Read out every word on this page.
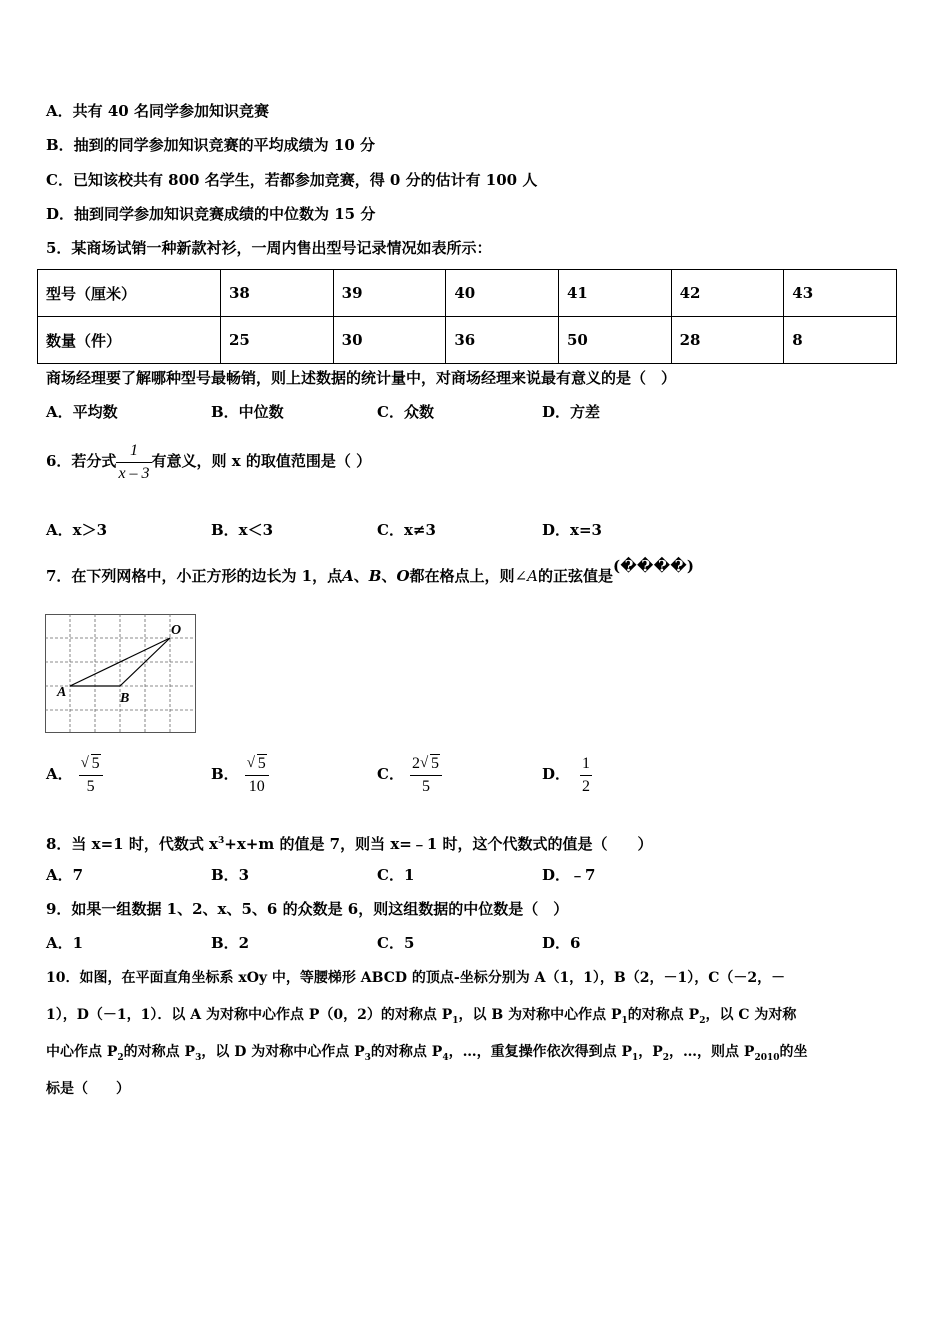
A．共有 40 名同学参加知识竞赛
B．抽到的同学参加知识竞赛的平均成绩为 10 分
C．已知该校共有 800 名学生，若都参加竞赛，得 0 分的估计有 100 人
D．抽到同学参加知识竞赛成绩的中位数为 15 分
5．某商场试销一种新款衬衫，一周内售出型号记录情况如表所示：
型号（厘米）	38	39	40	41	42	43
数量（件）	25	30	36	50	28	8
商场经理要了解哪种型号最畅销，则上述数据的统计量中，对商场经理来说最有意义的是（　）
A．平均数	B．中位数	C．众数	D．方差
6．若分式 $\frac{1}{x - 3}$ 有意义，则 x 的取值范围是（ ）
A．x＞3	B．x＜3	C．x≠3	D．x=3
7．在下列网格中，小正方形的边长为 1，点A、B、O都在格点上，则∠A的正弦值是(����)
O
A	B
A． $\frac{√ 5}{5}$	B． $\frac{√ 5}{10}$	C． $\frac{2 √ 5}{5}$	D． $\frac{1}{2}$
8．当 x=1 时，代数式 $x^3+x+m$ 的值是 7，则当 x=﹣1 时，这个代数式的值是（　　）
A．7	B．3	C．1	D．﹣7
9．如果一组数据 1、2、x、5、6 的众数是 6，则这组数据的中位数是（　）
A．1	B．2	C．5	D．6
10．如图，在平面直角坐标系 xOy 中，等腰梯形 ABCD 的顶点-坐标分别为 A（1，1），B（2，－1），C（－2，－
1），D（－1，1）．以 A 为对称中心作点 P（0，2）的对称点 $P_1$，以 B 为对称中心作点 $P_1$的对称点 $P_2$，以 C 为对称
中心作点 $P_2$的对称点 $P_3$，以 D 为对称中心作点 $P_3$的对称点 $P_4$，…，重复操作依次得到点 $P_1$，$P_2$，…，则点 $P_{2010}$的坐
标是（　　）
